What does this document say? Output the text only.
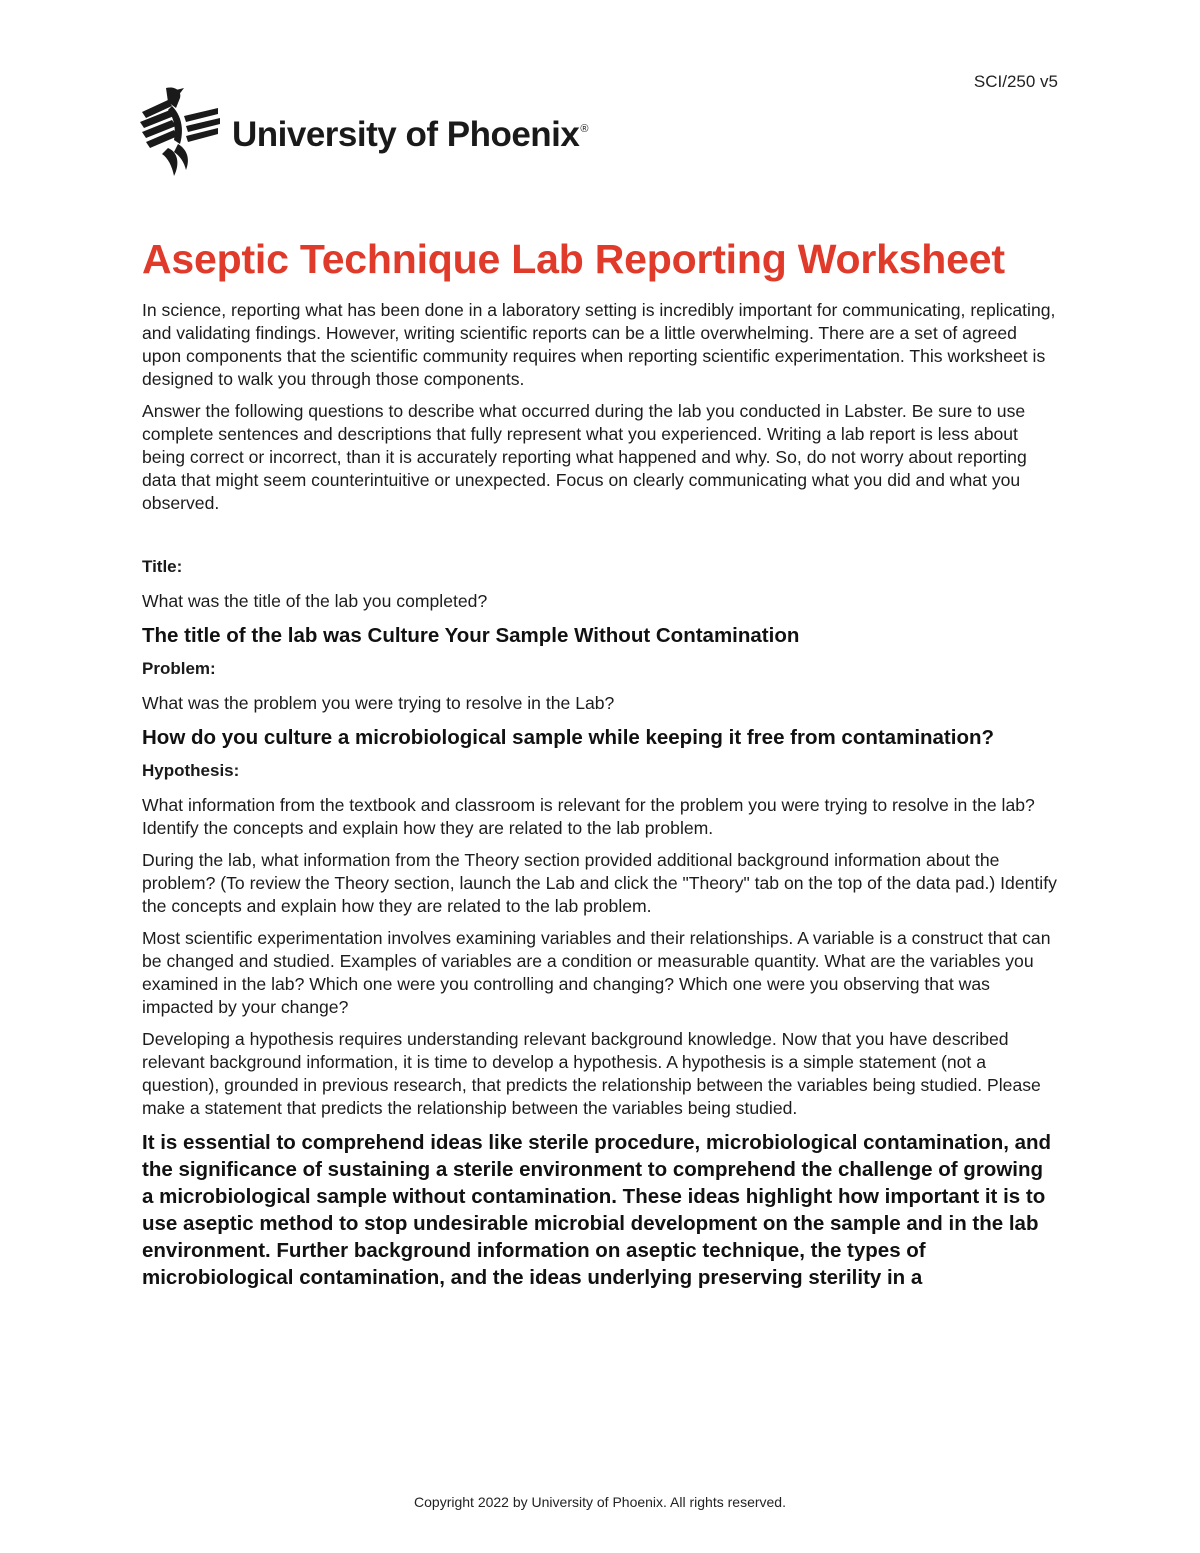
SCI/250 v5
University of Phoenix®
Aseptic Technique Lab Reporting Worksheet

In science, reporting what has been done in a laboratory setting is incredibly important for communicating, replicating, and validating findings. However, writing scientific reports can be a little overwhelming. There are a set of agreed upon components that the scientific community requires when reporting scientific experimentation. This worksheet is designed to walk you through those components.

Answer the following questions to describe what occurred during the lab you conducted in Labster. Be sure to use complete sentences and descriptions that fully represent what you experienced. Writing a lab report is less about being correct or incorrect, than it is accurately reporting what happened and why. So, do not worry about reporting data that might seem counterintuitive or unexpected. Focus on clearly communicating what you did and what you observed.

Title:

What was the title of the lab you completed?

The title of the lab was Culture Your Sample Without Contamination

Problem:

What was the problem you were trying to resolve in the Lab?

How do you culture a microbiological sample while keeping it free from contamination?

Hypothesis:

What information from the textbook and classroom is relevant for the problem you were trying to resolve in the lab? Identify the concepts and explain how they are related to the lab problem.

During the lab, what information from the Theory section provided additional background information about the problem? (To review the Theory section, launch the Lab and click the "Theory" tab on the top of the data pad.) Identify the concepts and explain how they are related to the lab problem.

Most scientific experimentation involves examining variables and their relationships. A variable is a construct that can be changed and studied. Examples of variables are a condition or measurable quantity. What are the variables you examined in the lab? Which one were you controlling and changing? Which one were you observing that was impacted by your change?

Developing a hypothesis requires understanding relevant background knowledge. Now that you have described relevant background information, it is time to develop a hypothesis. A hypothesis is a simple statement (not a question), grounded in previous research, that predicts the relationship between the variables being studied. Please make a statement that predicts the relationship between the variables being studied.

It is essential to comprehend ideas like sterile procedure, microbiological contamination, and the significance of sustaining a sterile environment to comprehend the challenge of growing a microbiological sample without contamination. These ideas highlight how important it is to use aseptic method to stop undesirable microbial development on the sample and in the lab environment. Further background information on aseptic technique, the types of microbiological contamination, and the ideas underlying preserving sterility in a

Copyright 2022 by University of Phoenix. All rights reserved.
